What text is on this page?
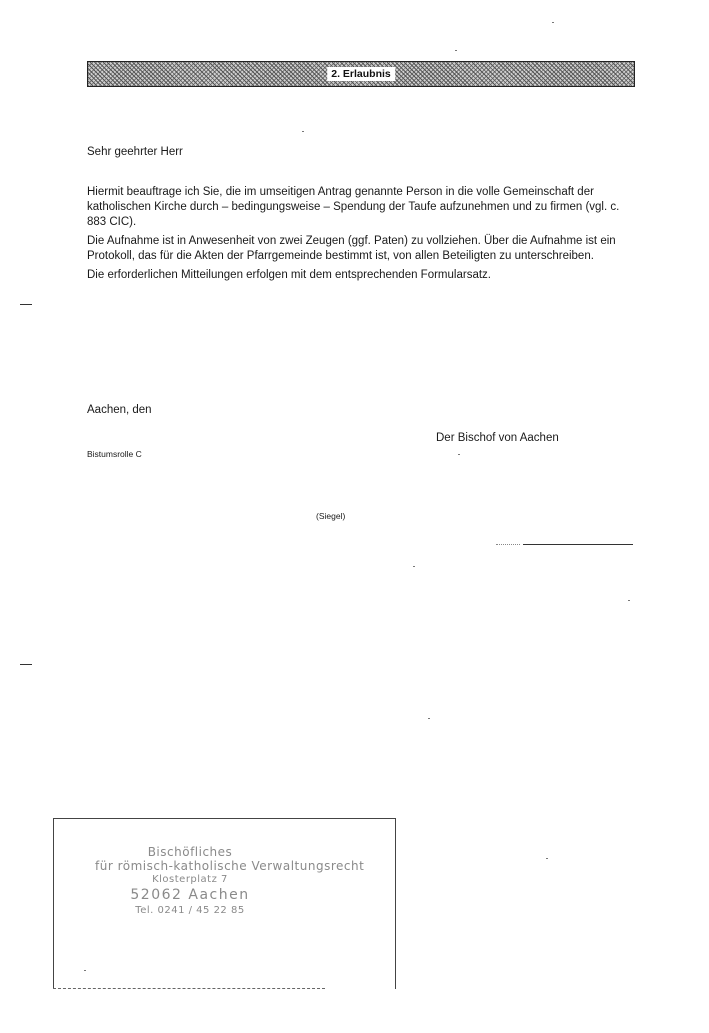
2. Erlaubnis
Sehr geehrter Herr

Hiermit beauftrage ich Sie, die im umseitigen Antrag genannte Person in die volle Gemeinschaft der katholischen Kirche durch – bedingungsweise – Spendung der Taufe aufzunehmen und zu firmen (vgl. c. 883 CIC).

Die Aufnahme ist in Anwesenheit von zwei Zeugen (ggf. Paten) zu vollziehen. Über die Aufnahme ist ein Protokoll, das für die Akten der Pfarrgemeinde bestimmt ist, von allen Beteiligten zu unterschreiben.

Die erforderlichen Mitteilungen erfolgen mit dem entsprechenden Formularsatz.

Aachen, den
Der Bischof von Aachen
Bistumsrolle C
(Siegel)
Bischöfliches
für römisch-katholische Verwaltungsrecht
Klosterplatz 7
52062 Aachen
Tel. 0241 / 45 22 85
